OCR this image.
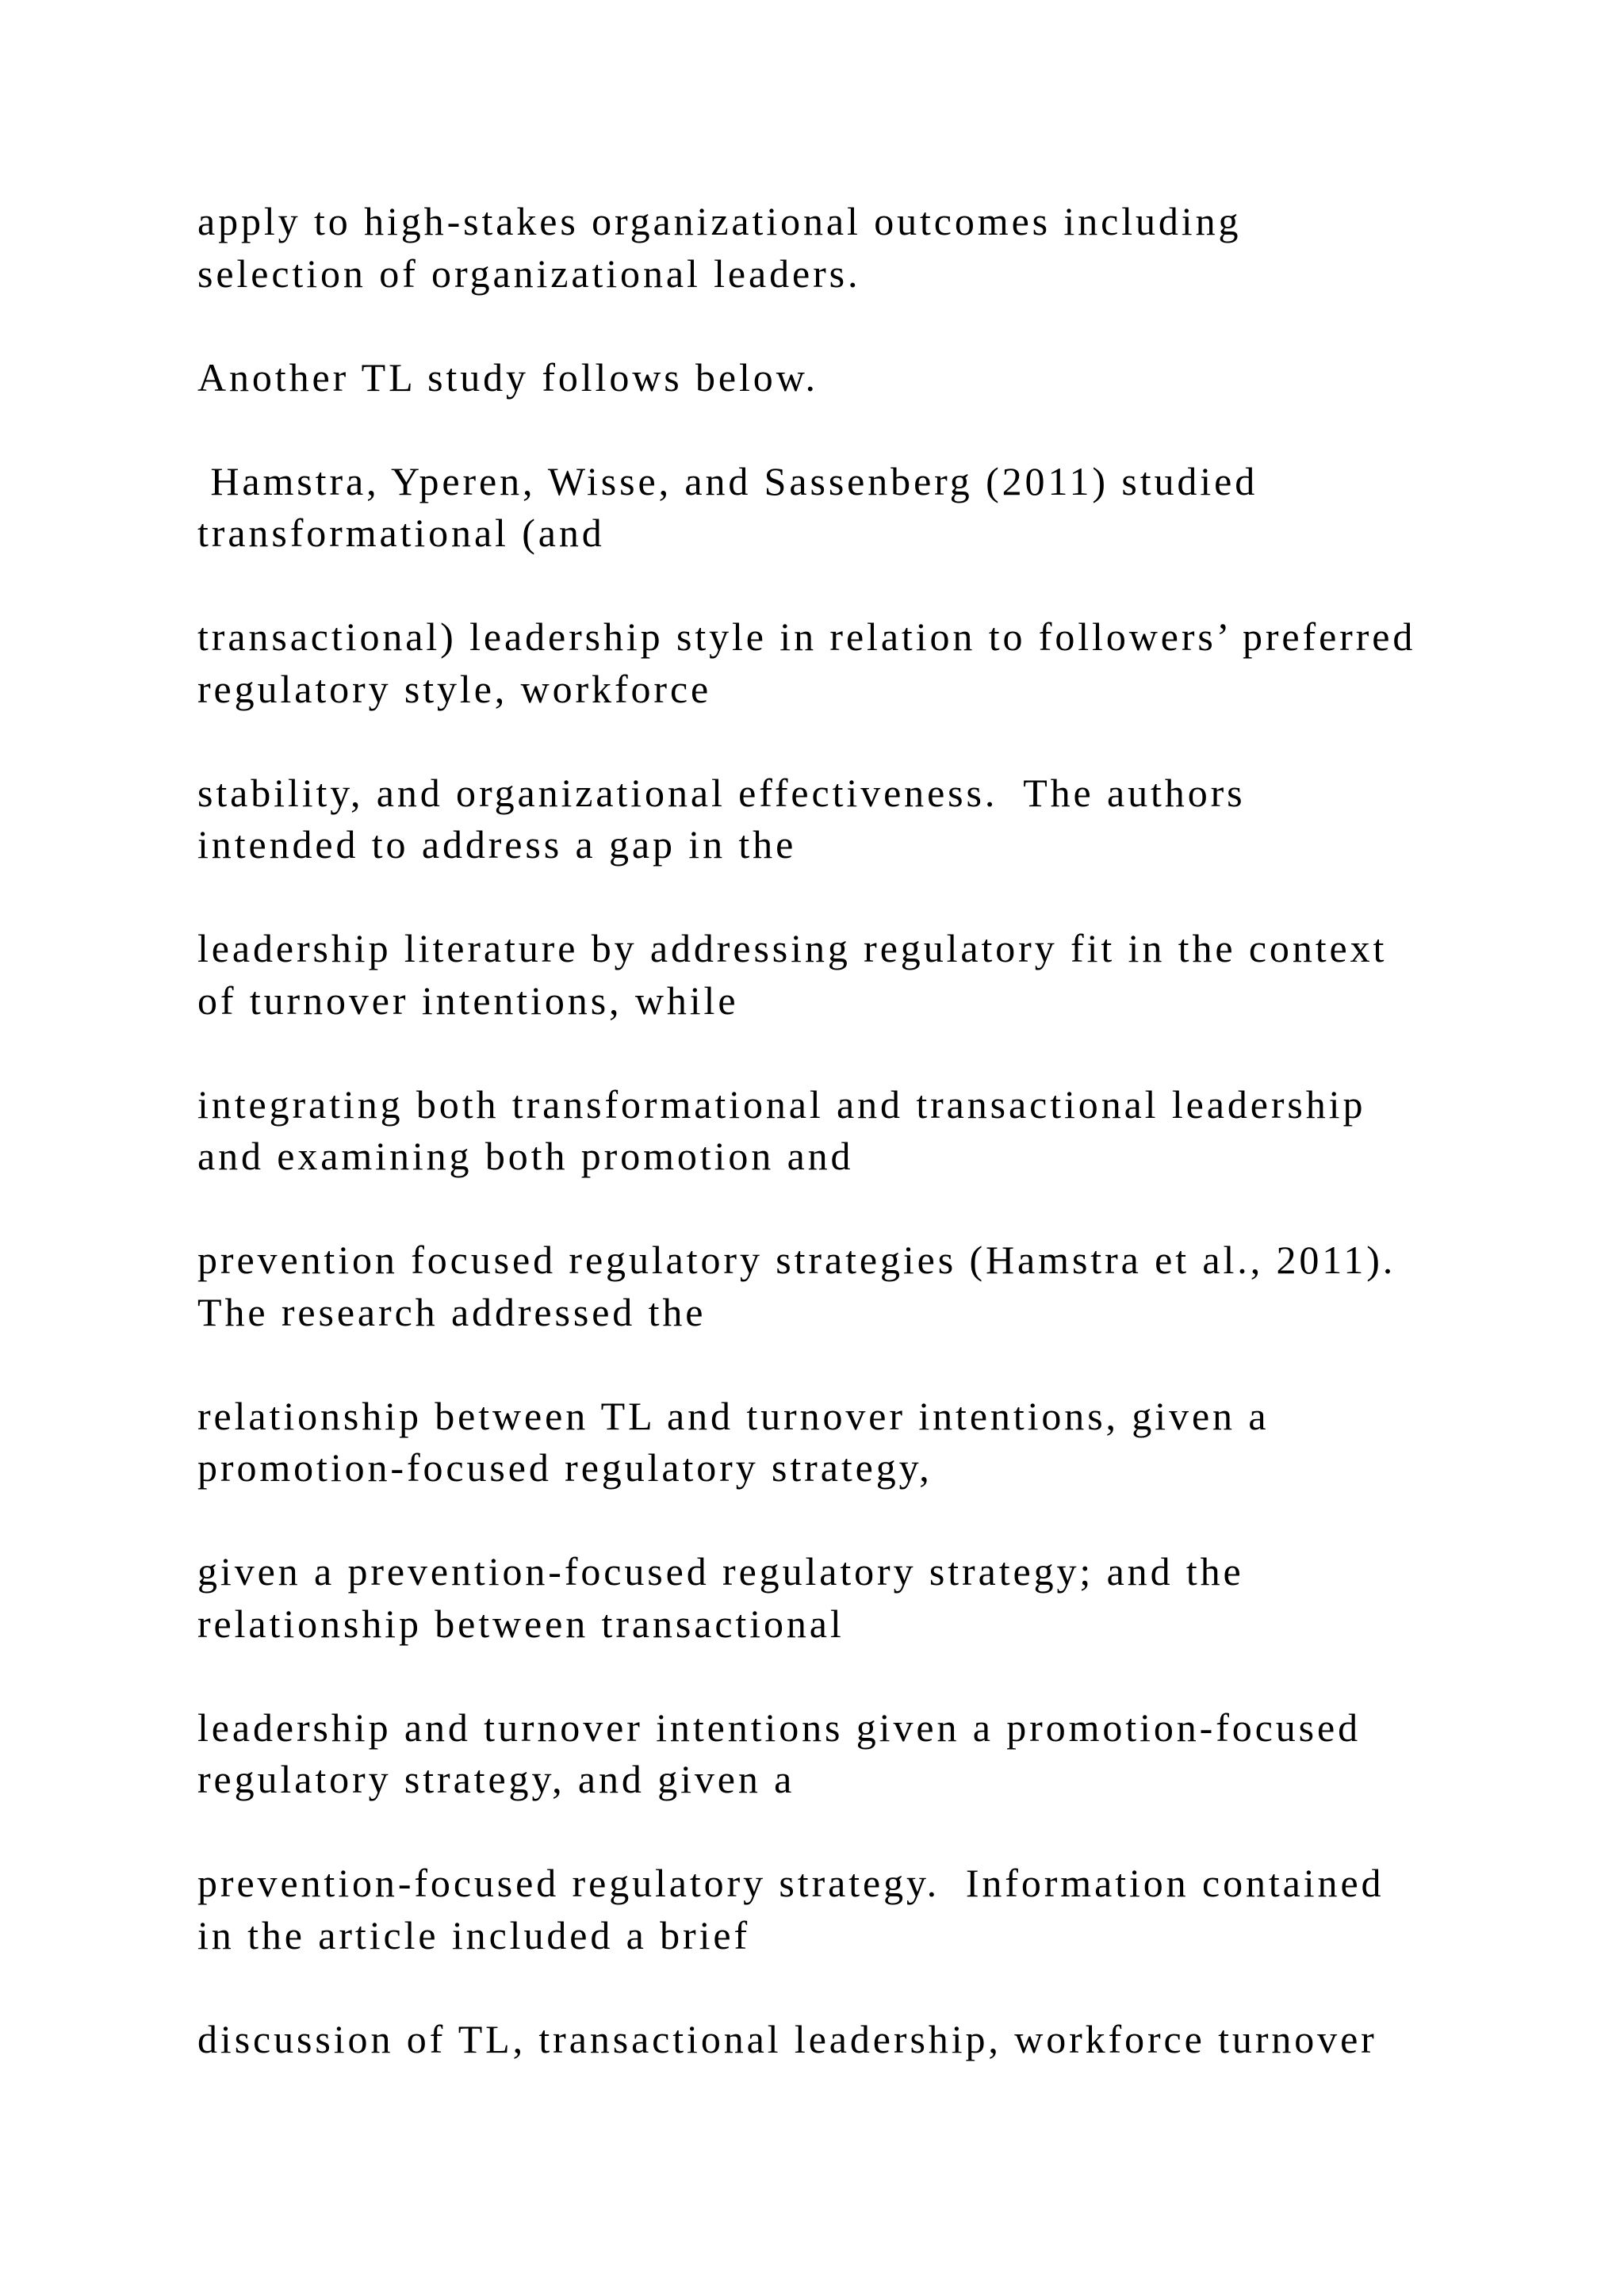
apply to high-stakes organizational outcomes including
selection of organizational leaders.
Another TL study follows below.
Hamstra, Yperen, Wisse, and Sassenberg (2011) studied
transformational (and
transactional) leadership style in relation to followers’ preferred
regulatory style, workforce
stability, and organizational effectiveness.  The authors
intended to address a gap in the
leadership literature by addressing regulatory fit in the context
of turnover intentions, while
integrating both transformational and transactional leadership
and examining both promotion and
prevention focused regulatory strategies (Hamstra et al., 2011).
The research addressed the
relationship between TL and turnover intentions, given a
promotion-focused regulatory strategy,
given a prevention-focused regulatory strategy; and the
relationship between transactional
leadership and turnover intentions given a promotion-focused
regulatory strategy, and given a
prevention-focused regulatory strategy.  Information contained
in the article included a brief
discussion of TL, transactional leadership, workforce turnover
